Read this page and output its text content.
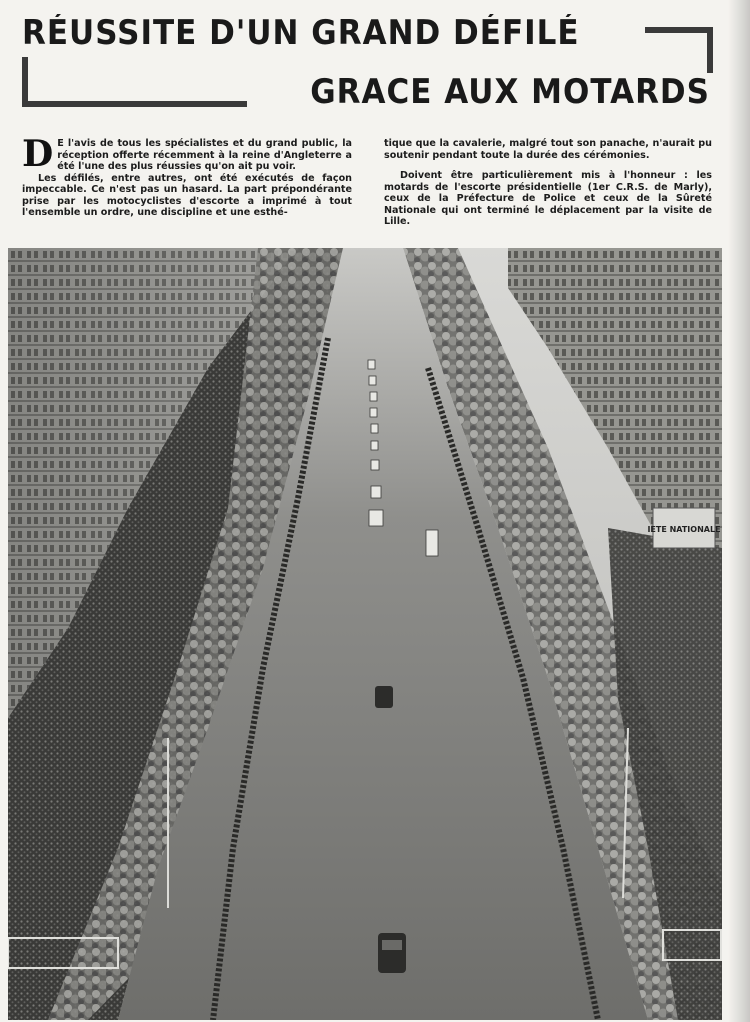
RÉUSSITE D'UN GRAND DÉFILÉ
GRACE AUX MOTARDS
D E l'avis de tous les spécialistes et du grand public, la réception offerte récemment à la reine d'Angleterre a été l'une des plus réussies qu'on ait pu voir.

Les défilés, entre autres, ont été exécutés de façon impeccable. Ce n'est pas un hasard. La part prépondérante prise par les motocyclistes d'escorte a imprimé à tout l'ensemble un ordre, une discipline et une esthé-

tique que la cavalerie, malgré tout son panache, n'aurait pu soutenir pendant toute la durée des cérémonies.

Doivent être particulièrement mis à l'honneur : les motards de l'escorte présidentielle (1er C.R.S. de Marly), ceux de la Préfecture de Police et ceux de la Sûreté Nationale qui ont terminé le déplacement par la visite de Lille.

IETE NATIONALE
